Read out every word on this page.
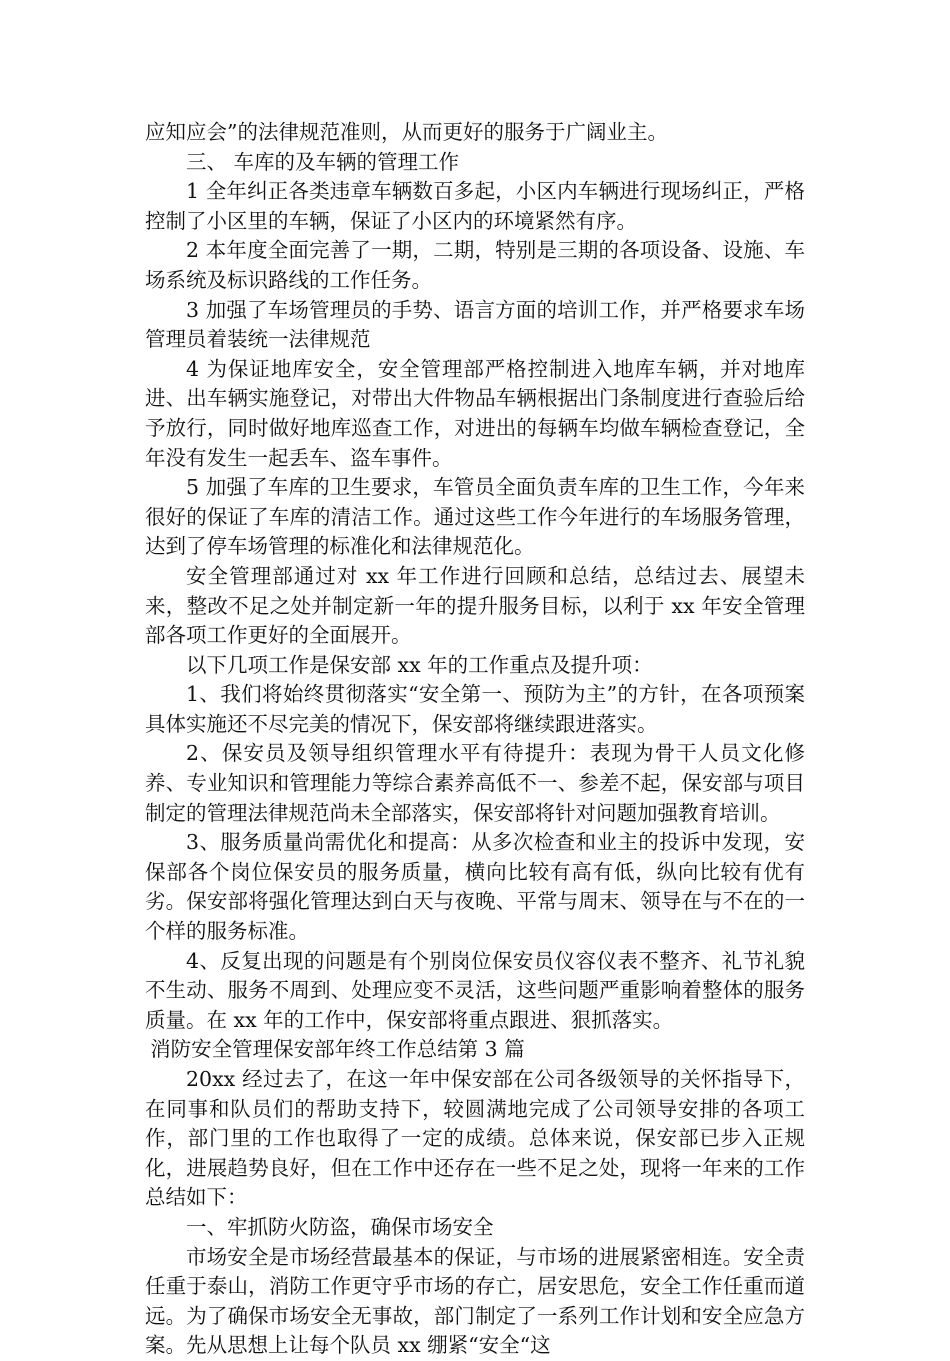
应知应会”的法律规范准则，从而更好的服务于广阔业主。

三、 车库的及车辆的管理工作

1 全年纠正各类违章车辆数百多起，小区内车辆进行现场纠正，严格控制了小区里的车辆，保证了小区内的环境紧然有序。

2 本年度全面完善了一期，二期，特别是三期的各项设备、设施、车场系统及标识路线的工作任务。

3 加强了车场管理员的手势、语言方面的培训工作，并严格要求车场管理员着装统一法律规范

4 为保证地库安全，安全管理部严格控制进入地库车辆，并对地库进、出车辆实施登记，对带出大件物品车辆根据出门条制度进行查验后给予放行，同时做好地库巡查工作，对进出的每辆车均做车辆检查登记，全年没有发生一起丢车、盗车事件。

5 加强了车库的卫生要求，车管员全面负责车库的卫生工作，今年来很好的保证了车库的清洁工作。通过这些工作今年进行的车场服务管理，达到了停车场管理的标准化和法律规范化。

安全管理部通过对 xx 年工作进行回顾和总结，总结过去、展望未来，整改不足之处并制定新一年的提升服务目标，以利于 xx 年安全管理部各项工作更好的全面展开。

以下几项工作是保安部 xx 年的工作重点及提升项：

1、我们将始终贯彻落实“安全第一、预防为主”的方针，在各项预案具体实施还不尽完美的情况下，保安部将继续跟进落实。

2、保安员及领导组织管理水平有待提升：表现为骨干人员文化修养、专业知识和管理能力等综合素养高低不一、参差不起，保安部与项目制定的管理法律规范尚未全部落实，保安部将针对问题加强教育培训。

3、服务质量尚需优化和提高：从多次检查和业主的投诉中发现，安保部各个岗位保安员的服务质量，横向比较有高有低，纵向比较有优有劣。保安部将强化管理达到白天与夜晚、平常与周末、领导在与不在的一个样的服务标准。

4、反复出现的问题是有个别岗位保安员仪容仪表不整齐、礼节礼貌不生动、服务不周到、处理应变不灵活，这些问题严重影响着整体的服务质量。在 xx 年的工作中，保安部将重点跟进、狠抓落实。

消防安全管理保安部年终工作总结第 3 篇

20xx 经过去了，在这一年中保安部在公司各级领导的关怀指导下，在同事和队员们的帮助支持下，较圆满地完成了公司领导安排的各项工作，部门里的工作也取得了一定的成绩。总体来说，保安部已步入正规化，进展趋势良好，但在工作中还存在一些不足之处，现将一年来的工作总结如下：

一、牢抓防火防盗，确保市场安全

市场安全是市场经营最基本的保证，与市场的进展紧密相连。安全责任重于泰山，消防工作更守乎市场的存亡，居安思危，安全工作任重而道远。为了确保市场安全无事故，部门制定了一系列工作计划和安全应急方案。先从思想上让每个队员 xx 绷紧“安全“这
